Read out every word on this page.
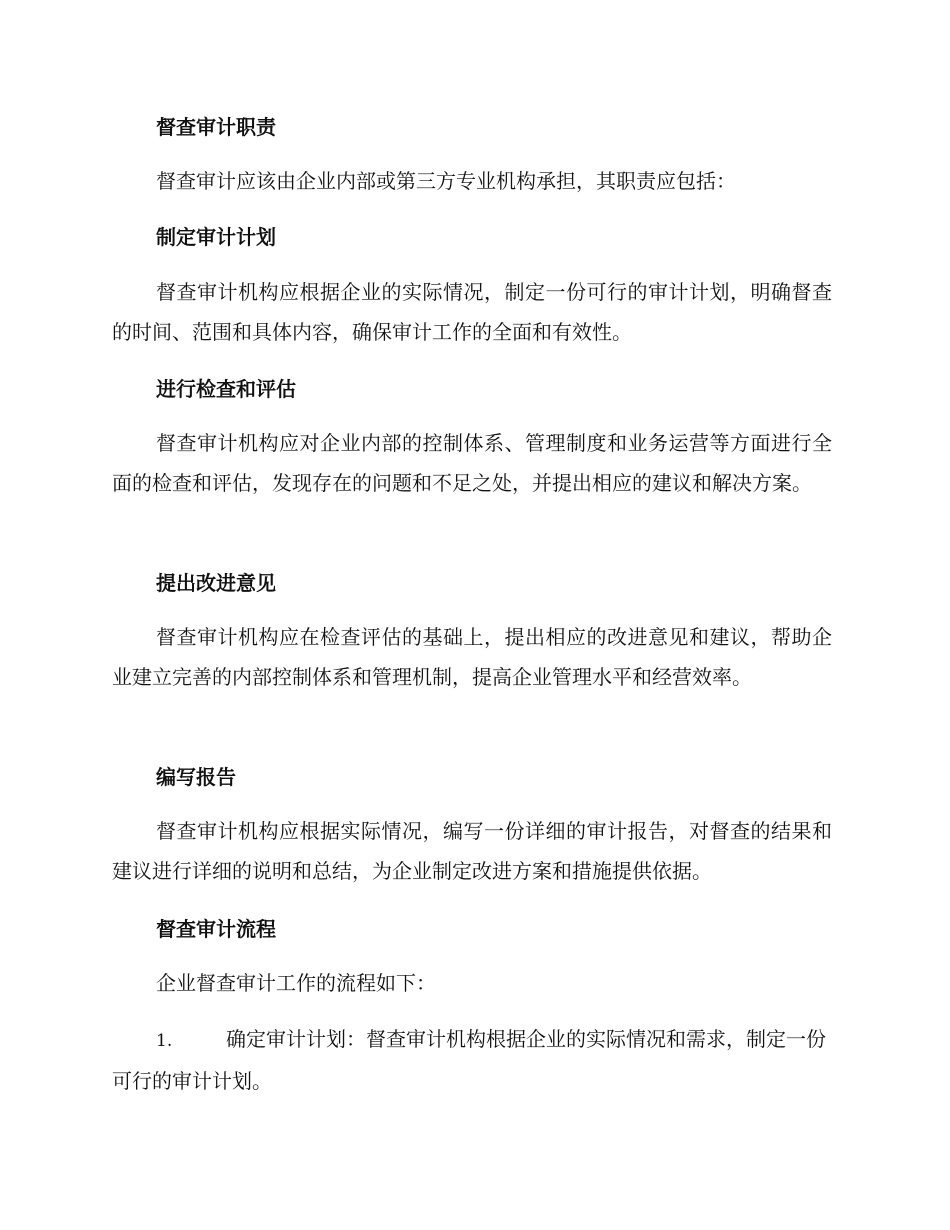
督查审计职责

督查审计应该由企业内部或第三方专业机构承担，其职责应包括：

制定审计计划

督查审计机构应根据企业的实际情况，制定一份可行的审计计划，明确督查的时间、范围和具体内容，确保审计工作的全面和有效性。

进行检查和评估

督查审计机构应对企业内部的控制体系、管理制度和业务运营等方面进行全面的检查和评估，发现存在的问题和不足之处，并提出相应的建议和解决方案。

提出改进意见

督查审计机构应在检查评估的基础上，提出相应的改进意见和建议，帮助企业建立完善的内部控制体系和管理机制，提高企业管理水平和经营效率。

编写报告

督查审计机构应根据实际情况，编写一份详细的审计报告，对督查的结果和建议进行详细的说明和总结，为企业制定改进方案和措施提供依据。

督查审计流程

企业督查审计工作的流程如下：

1.	确定审计计划：督查审计机构根据企业的实际情况和需求，制定一份可行的审计计划。
